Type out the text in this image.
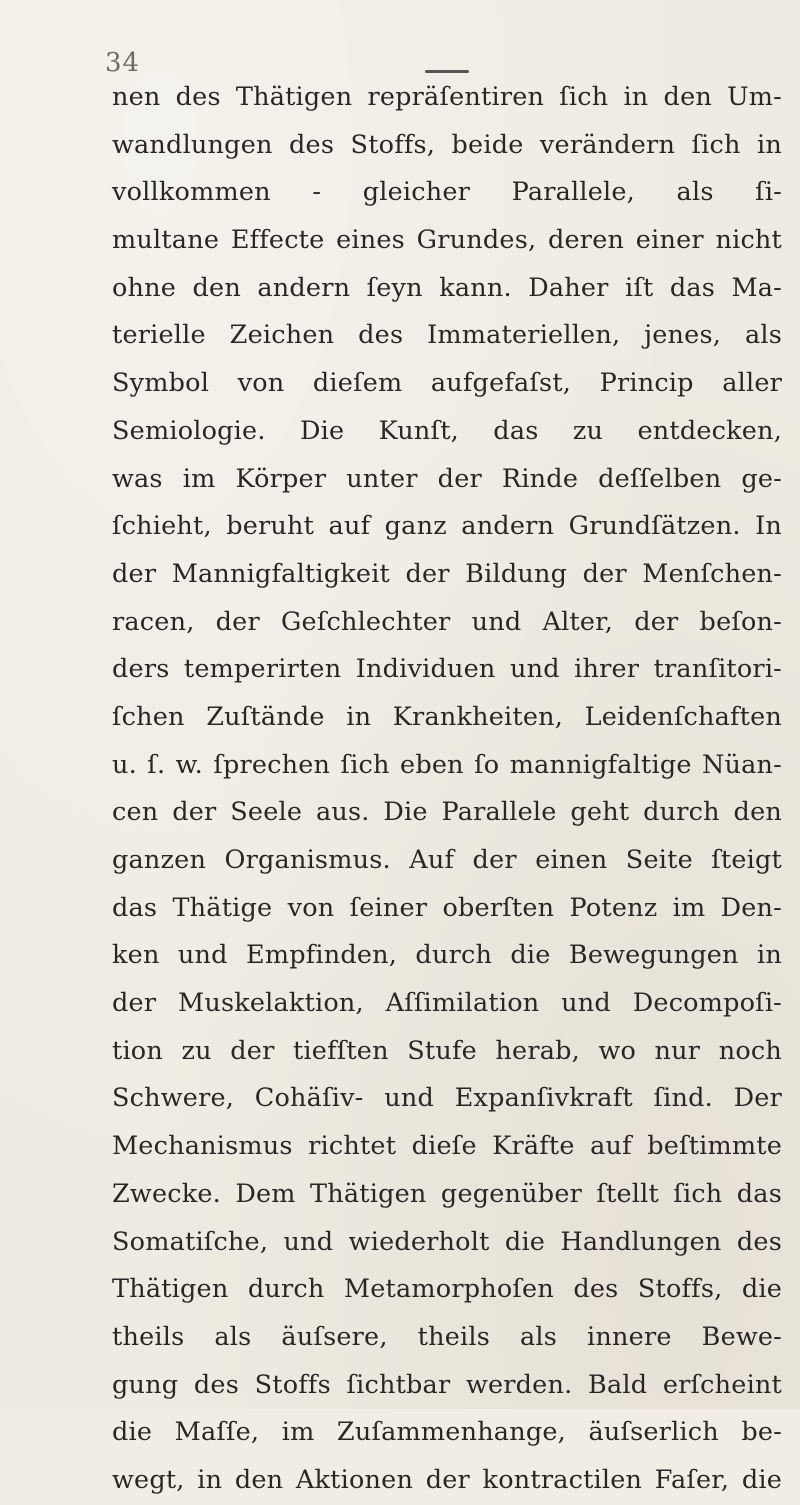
34
nen des Thätigen repräſentiren ſich in den Um-
wandlungen des Stoffs, beide verändern ſich in
vollkommen - gleicher Parallele, als ſi-
multane Effecte eines Grundes, deren einer nicht
ohne den andern ſeyn kann. Daher iſt das Ma-
terielle Zeichen des Immateriellen, jenes, als
Symbol von dieſem aufgefaſst, Princip aller
Semiologie. Die Kunſt, das zu entdecken,
was im Körper unter der Rinde deſſelben ge-
ſchieht, beruht auf ganz andern Grundſätzen. In
der Mannigfaltigkeit der Bildung der Menſchen-
racen, der Geſchlechter und Alter, der beſon-
ders temperirten Individuen und ihrer tranſitori-
ſchen Zuſtände in Krankheiten, Leidenſchaften
u. ſ. w. ſprechen ſich eben ſo mannigfaltige Nüan-
cen der Seele aus. Die Parallele geht durch den
ganzen Organismus. Auf der einen Seite ſteigt
das Thätige von ſeiner oberſten Potenz im Den-
ken und Empfinden, durch die Bewegungen in
der Muskelaktion, Aſſimilation und Decompoſi-
tion zu der tiefſten Stufe herab, wo nur noch
Schwere, Cohäſiv- und Expanſivkraft ſind. Der
Mechanismus richtet dieſe Kräfte auf beſtimmte
Zwecke. Dem Thätigen gegenüber ſtellt ſich das
Somatiſche, und wiederholt die Handlungen des
Thätigen durch Metamorphoſen des Stoffs, die
theils als äuſsere, theils als innere Bewe-
gung des Stoffs ſichtbar werden. Bald erſcheint
die Maſſe, im Zuſammenhange, äuſserlich be-
wegt, in den Aktionen der kontractilen Faſer, die
